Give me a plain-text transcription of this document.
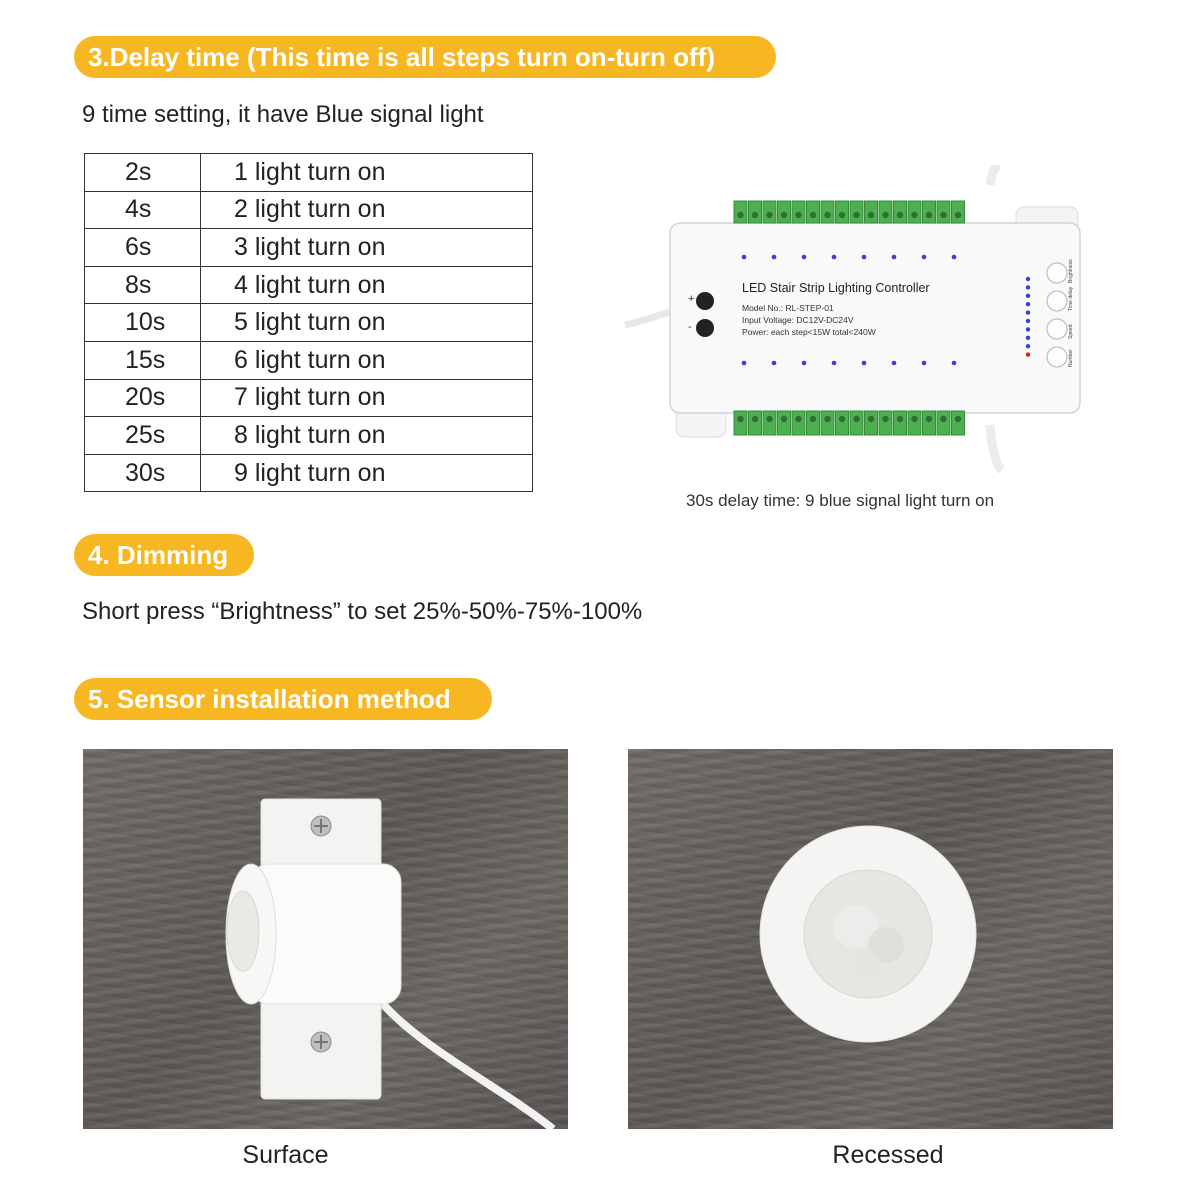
3.Delay time (This time is all steps turn on-turn off)
9 time setting, it have Blue signal light
2s	1 light turn on
4s	2 light turn on
6s	3 light turn on
8s	4 light turn on
10s	5 light turn on
15s	6 light turn on
20s	7 light turn on
25s	8 light turn on
30s	9 light turn on
+
-
LED Stair Strip Lighting Controller
Model No.: RL-STEP-01
Input Voltage: DC12V-DC24V
Power: each step<15W total<240W
Brightness
Time delay
Speed
Number
30s delay time: 9 blue signal light turn on
4. Dimming
Short press “Brightness” to set 25%-50%-75%-100%
5. Sensor installation method
Surface	Recessed
